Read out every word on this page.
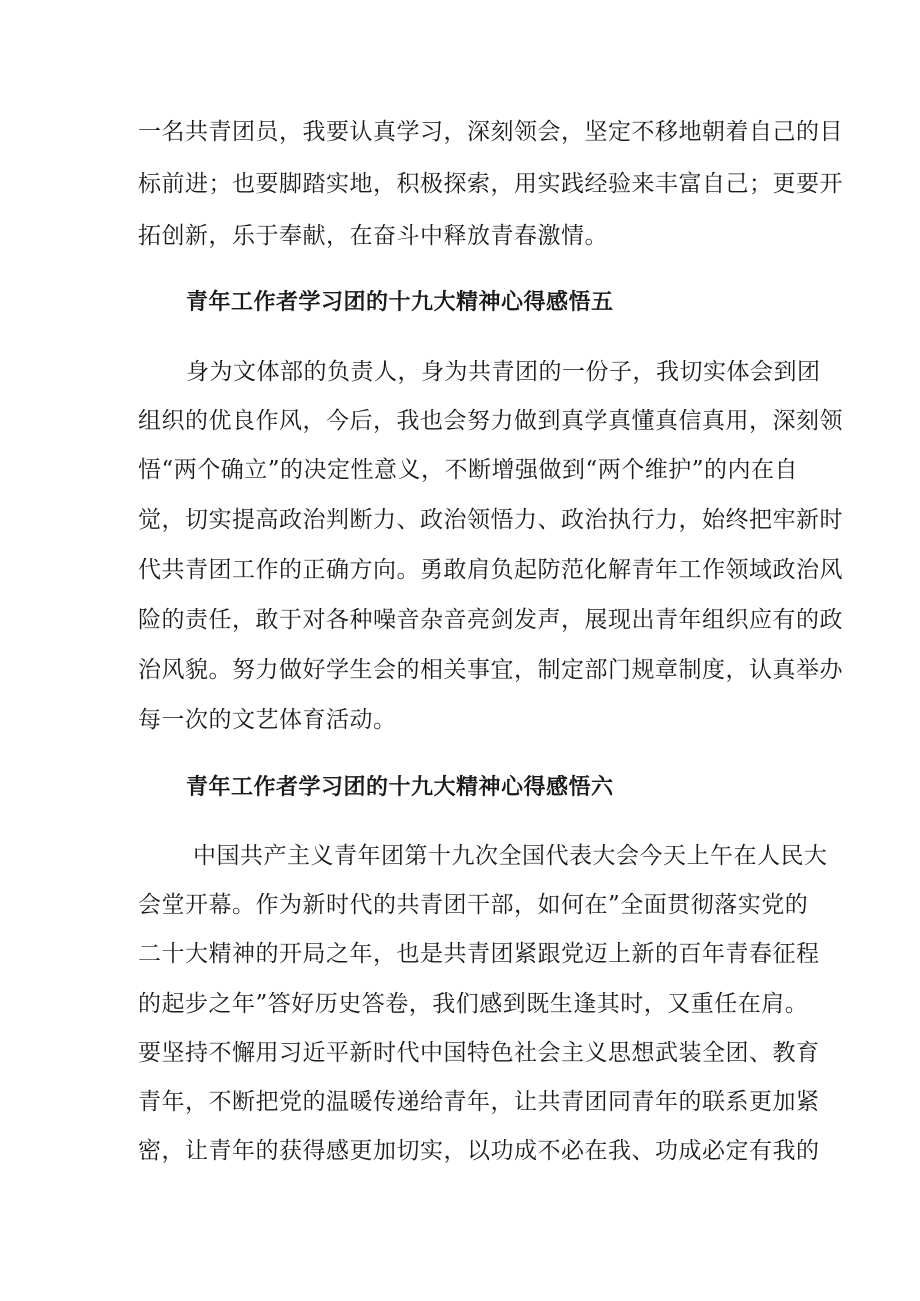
一名共青团员，我要认真学习，深刻领会，坚定不移地朝着自己的目
标前进；也要脚踏实地，积极探索，用实践经验来丰富自己；更要开
拓创新，乐于奉献，在奋斗中释放青春激情。
青年工作者学习团的十九大精神心得感悟五
身为文体部的负责人，身为共青团的一份子，我切实体会到团
组织的优良作风，今后，我也会努力做到真学真懂真信真用，深刻领
悟“两个确立”的决定性意义，不断增强做到“两个维护”的内在自
觉，切实提高政治判断力、政治领悟力、政治执行力，始终把牢新时
代共青团工作的正确方向。勇敢肩负起防范化解青年工作领域政治风
险的责任，敢于对各种噪音杂音亮剑发声，展现出青年组织应有的政
治风貌。努力做好学生会的相关事宜，制定部门规章制度，认真举办
每一次的文艺体育活动。
青年工作者学习团的十九大精神心得感悟六
中国共产主义青年团第十九次全国代表大会今天上午在人民大
会堂开幕。作为新时代的共青团干部，如何在”全面贯彻落实党的
二十大精神的开局之年，也是共青团紧跟党迈上新的百年青春征程
的起步之年”答好历史答卷，我们感到既生逢其时，又重任在肩。
要坚持不懈用习近平新时代中国特色社会主义思想武装全团、教育
青年，不断把党的温暖传递给青年，让共青团同青年的联系更加紧
密，让青年的获得感更加切实，以功成不必在我、功成必定有我的
